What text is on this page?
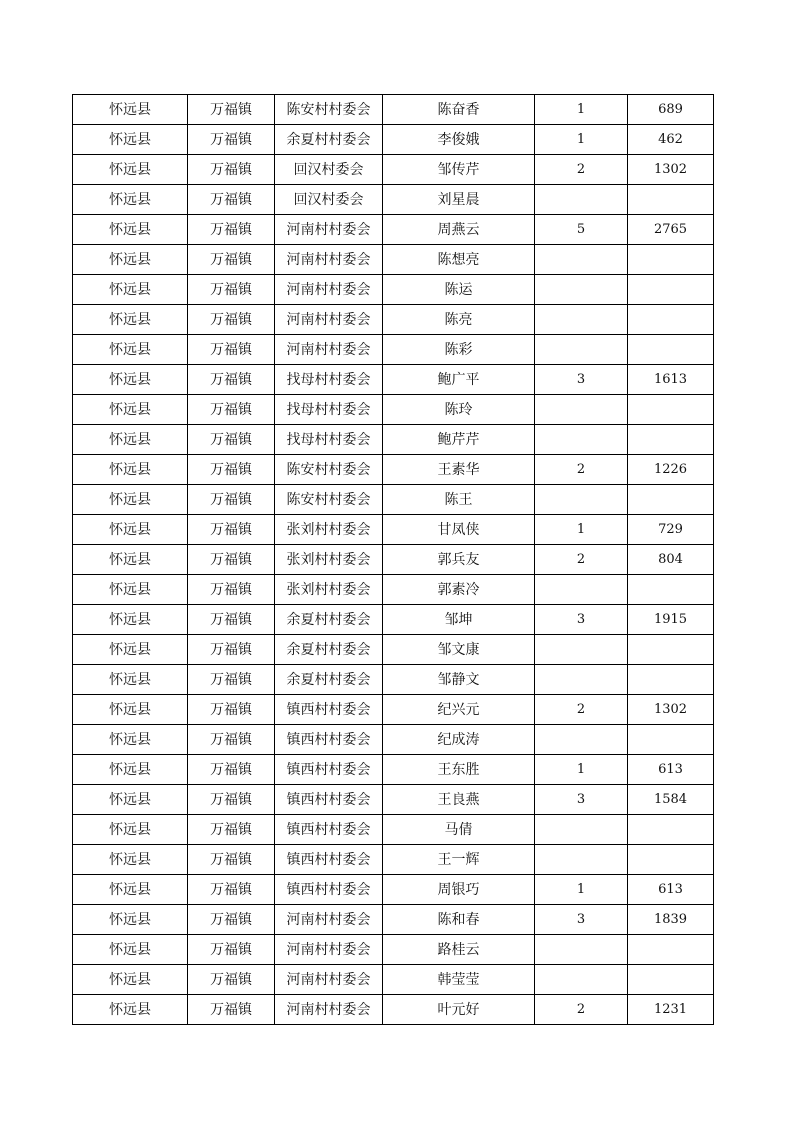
怀远县	万福镇	陈安村村委会	陈奋香	1	689
怀远县	万福镇	余夏村村委会	李俊娥	1	462
怀远县	万福镇	回汉村委会	邹传芹	2	1302
怀远县	万福镇	回汉村委会	刘星晨		
怀远县	万福镇	河南村村委会	周燕云	5	2765
怀远县	万福镇	河南村村委会	陈想亮		
怀远县	万福镇	河南村村委会	陈运		
怀远县	万福镇	河南村村委会	陈亮		
怀远县	万福镇	河南村村委会	陈彩		
怀远县	万福镇	找母村村委会	鲍广平	3	1613
怀远县	万福镇	找母村村委会	陈玲		
怀远县	万福镇	找母村村委会	鲍芹芹		
怀远县	万福镇	陈安村村委会	王素华	2	1226
怀远县	万福镇	陈安村村委会	陈王		
怀远县	万福镇	张刘村村委会	甘凤侠	1	729
怀远县	万福镇	张刘村村委会	郭兵友	2	804
怀远县	万福镇	张刘村村委会	郭素冷		
怀远县	万福镇	余夏村村委会	邹坤	3	1915
怀远县	万福镇	余夏村村委会	邹文康		
怀远县	万福镇	余夏村村委会	邹静文		
怀远县	万福镇	镇西村村委会	纪兴元	2	1302
怀远县	万福镇	镇西村村委会	纪成涛		
怀远县	万福镇	镇西村村委会	王东胜	1	613
怀远县	万福镇	镇西村村委会	王良燕	3	1584
怀远县	万福镇	镇西村村委会	马倩		
怀远县	万福镇	镇西村村委会	王一辉		
怀远县	万福镇	镇西村村委会	周银巧	1	613
怀远县	万福镇	河南村村委会	陈和春	3	1839
怀远县	万福镇	河南村村委会	路桂云		
怀远县	万福镇	河南村村委会	韩莹莹		
怀远县	万福镇	河南村村委会	叶元好	2	1231
